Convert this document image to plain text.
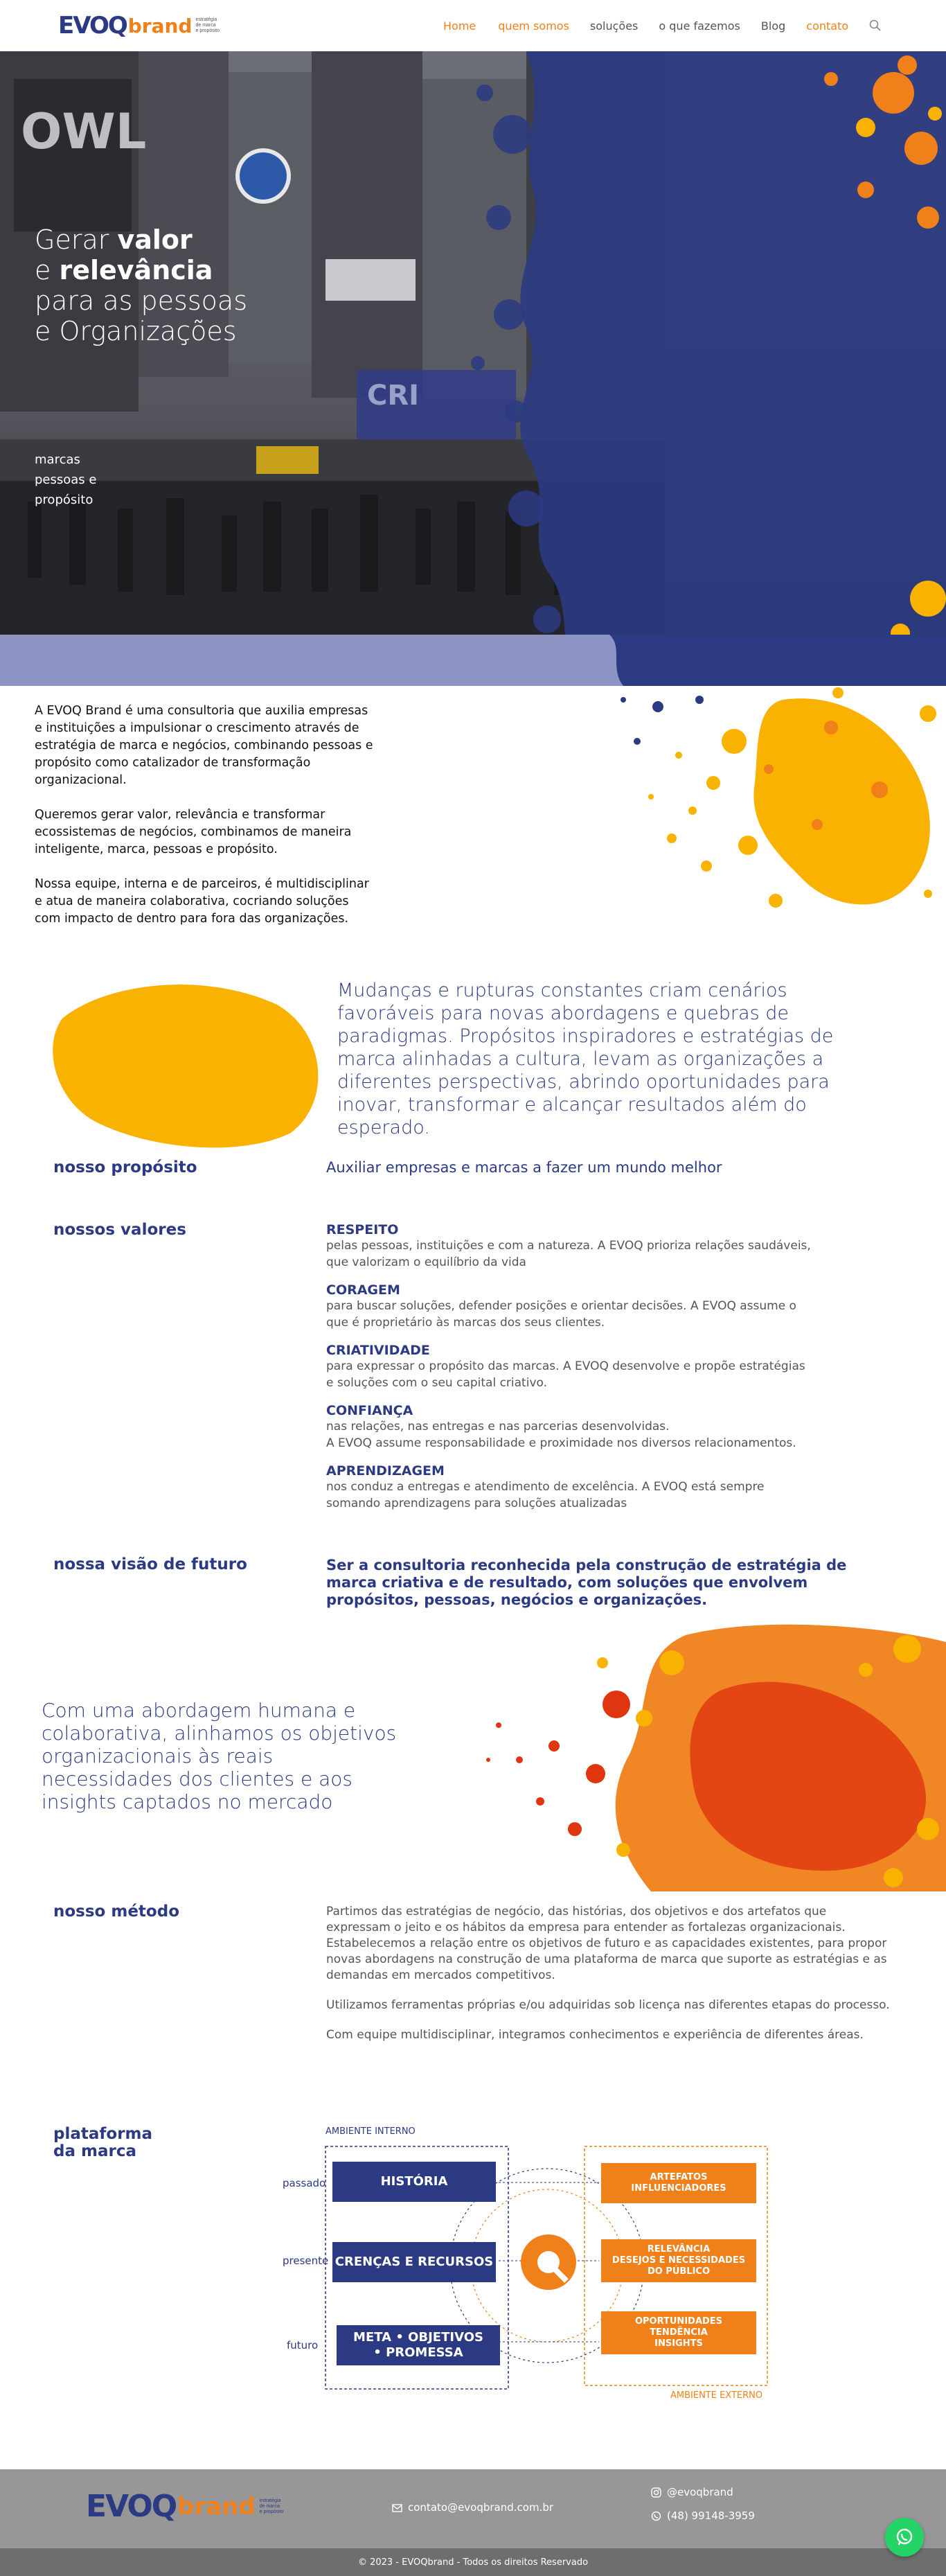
EVOQ brand estratégia
de marca
e propósito	Home quem somos soluções o que fazemos Blog contato
OWL
CRI
Gerar valor
e relevância
para as pessoas
e Organizações
marcas
pessoas e
propósito

A EVOQ Brand é uma consultoria que auxilia empresas e instituições a impulsionar o crescimento através de estratégia de marca e negócios, combinando pessoas e propósito como catalizador de transformação organizacional.

Queremos gerar valor, relevância e transformar ecossistemas de negócios, combinamos de maneira inteligente, marca, pessoas e propósito.

Nossa equipe, interna e de parceiros, é multidisciplinar e atua de maneira colaborativa, cocriando soluções com impacto de dentro para fora das organizações.

Mudanças e rupturas constantes criam cenários favoráveis para novas abordagens e quebras de paradigmas. Propósitos inspiradores e estratégias de marca alinhadas a cultura, levam as organizações a diferentes perspectivas, abrindo oportunidades para inovar, transformar e alcançar resultados além do esperado.
nosso propósito	Auxiliar empresas e marcas a fazer um mundo melhor
nossos valores	RESPEITO
pelas pessoas, instituições e com a natureza. A EVOQ prioriza relações saudáveis,
que valorizam o equilíbrio da vida
CORAGEM
para buscar soluções, defender posições e orientar decisões. A EVOQ assume o
que é proprietário às marcas dos seus clientes.
CRIATIVIDADE
para expressar o propósito das marcas. A EVOQ desenvolve e propõe estratégias
e soluções com o seu capital criativo.
CONFIANÇA
nas relações, nas entregas e nas parcerias desenvolvidas.
A EVOQ assume responsabilidade e proximidade nos diversos relacionamentos.
APRENDIZAGEM
nos conduz a entregas e atendimento de excelência. A EVOQ está sempre
somando aprendizagens para soluções atualizadas
nossa visão de futuro	Ser a consultoria reconhecida pela construção de estratégia de marca criativa e de resultado, com soluções que envolvem propósitos, pessoas, negócios e organizações.
Com uma abordagem humana e colaborativa, alinhamos os objetivos organizacionais às reais necessidades dos clientes e aos insights captados no mercado
nosso método	Partimos das estratégias de negócio, das histórias, dos objetivos e dos artefatos que expressam o jeito e os hábitos da empresa para entender as fortalezas organizacionais. Estabelecemos a relação entre os objetivos de futuro e as capacidades existentes, para propor novas abordagens na construção de uma plataforma de marca que suporte as estratégias e as demandas em mercados competitivos.

Utilizamos ferramentas próprias e/ou adquiridas sob licença nas diferentes etapas do processo.

Com equipe multidisciplinar, integramos conhecimentos e experiência de diferentes áreas.

plataforma
da marca
AMBIENTE INTERNO
AMBIENTE EXTERNO
passado
presente
futuro
HISTÓRIA
CRENÇAS E RECURSOS
META • OBJETIVOS
• PROMESSA
ARTEFATOS
INFLUENCIADORES
RELEVÂNCIA
DESEJOS E NECESSIDADES
DO PÚBLICO
OPORTUNIDADES
TENDÊNCIA
INSIGHTS
EVOQ brand estratégia
de marca
e propósito	contato@evoqbrand.com.br
@evoqbrand
(48) 99148-3959
© 2023 - EVOQbrand - Todos os direitos Reservado
